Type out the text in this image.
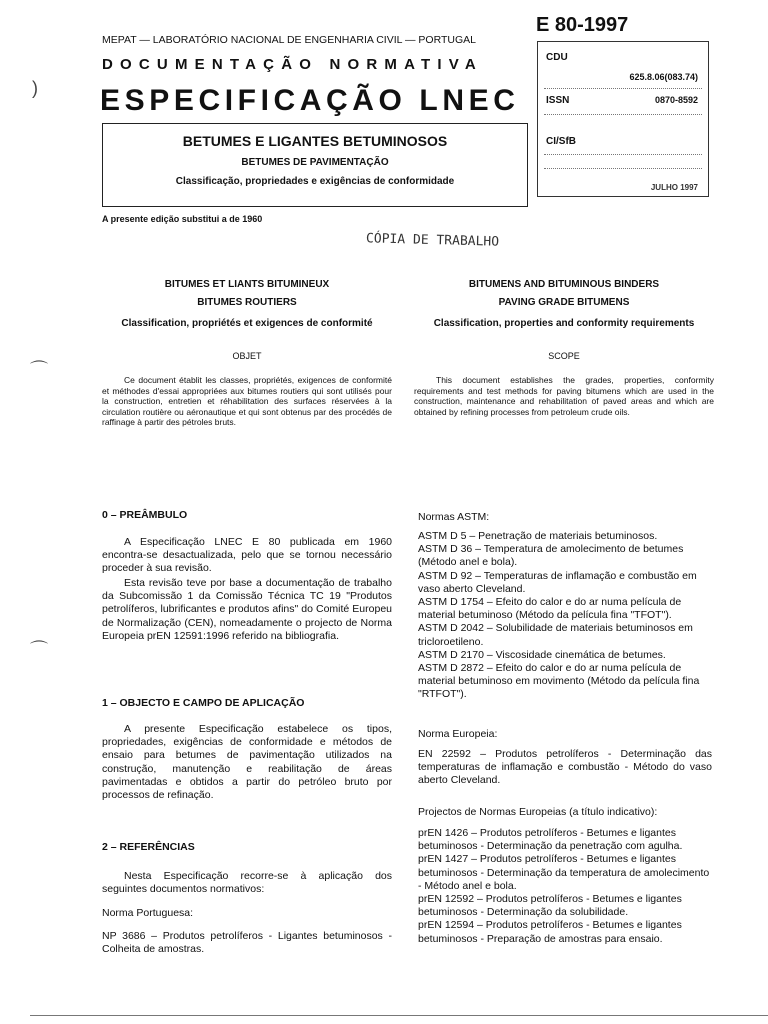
MEPAT — LABORATÓRIO NACIONAL DE ENGENHARIA CIVIL — PORTUGAL
DOCUMENTAÇÃO NORMATIVA
ESPECIFICAÇÃO LNEC
E 80-1997
BETUMES E LIGANTES BETUMINOSOS
BETUMES DE PAVIMENTAÇÃO
Classificação, propriedades e exigências de conformidade
CDU
625.8.06(083.74)
ISSN	0870-8592
CI/SfB
JULHO 1997
A presente edição substitui a de 1960
CÓPIA DE TRABALHO
BITUMES ET LIANTS BITUMINEUX
BITUMES ROUTIERS
Classification, propriétés et exigences de conformité
OBJET
Ce document établit les classes, propriétés, exigences de conformité et méthodes d'essai appropriées aux bitumes routiers qui sont utilisés pour la construction, entretien et réhabilitation des surfaces réservées à la circulation routière ou aéronautique et qui sont obtenus par des procédés de raffinage à partir des pétroles bruts.
BITUMENS AND BITUMINOUS BINDERS
PAVING GRADE BITUMENS
Classification, properties and conformity requirements
SCOPE
This document establishes the grades, properties, conformity requirements and test methods for paving bitumens which are used in the construction, maintenance and rehabilitation of paved areas and which are obtained by refining processes from petroleum crude oils.
0 – PREÂMBULO
A Especificação LNEC E 80 publicada em 1960 encontra-se desactualizada, pelo que se tornou necessário proceder à sua revisão.
Esta revisão teve por base a documentação de trabalho da Subcomissão 1 da Comissão Técnica TC 19 "Produtos petrolíferos, lubrificantes e produtos afins" do Comité Europeu de Normalização (CEN), nomeadamente o projecto de Norma Europeia prEN 12591:1996 referido na bibliografia.
1 – OBJECTO E CAMPO DE APLICAÇÃO
A presente Especificação estabelece os tipos, propriedades, exigências de conformidade e métodos de ensaio para betumes de pavimentação utilizados na construção, manutenção e reabilitação de áreas pavimentadas e obtidos a partir do petróleo bruto por processos de refinação.
2 – REFERÊNCIAS
Nesta Especificação recorre-se à aplicação dos seguintes documentos normativos:
Norma Portuguesa:
NP 3686 – Produtos petrolíferos - Ligantes betuminosos - Colheita de amostras.
Normas ASTM:
ASTM D 5 – Penetração de materiais betuminosos.
ASTM D 36 – Temperatura de amolecimento de betumes (Método anel e bola).
ASTM D 92 – Temperaturas de inflamação e combustão em vaso aberto Cleveland.
ASTM D 1754 – Efeito do calor e do ar numa película de material betuminoso (Método da película fina "TFOT").
ASTM D 2042 – Solubilidade de materiais betuminosos em tricloroetileno.
ASTM D 2170 – Viscosidade cinemática de betumes.
ASTM D 2872 – Efeito do calor e do ar numa película de material betuminoso em movimento (Método da película fina "RTFOT").
Norma Europeia:
EN 22592 – Produtos petrolíferos - Determinação das temperaturas de inflamação e combustão - Método do vaso aberto Cleveland.
Projectos de Normas Europeias (a título indicativo):
prEN 1426 – Produtos petrolíferos - Betumes e ligantes betuminosos - Determinação da penetração com agulha.
prEN 1427 – Produtos petrolíferos - Betumes e ligantes betuminosos - Determinação da temperatura de amolecimento - Método anel e bola.
prEN 12592 – Produtos petrolíferos - Betumes e ligantes betuminosos - Determinação da solubilidade.
prEN 12594 – Produtos petrolíferos - Betumes e ligantes betuminosos - Preparação de amostras para ensaio.
)
⌒
⌒
